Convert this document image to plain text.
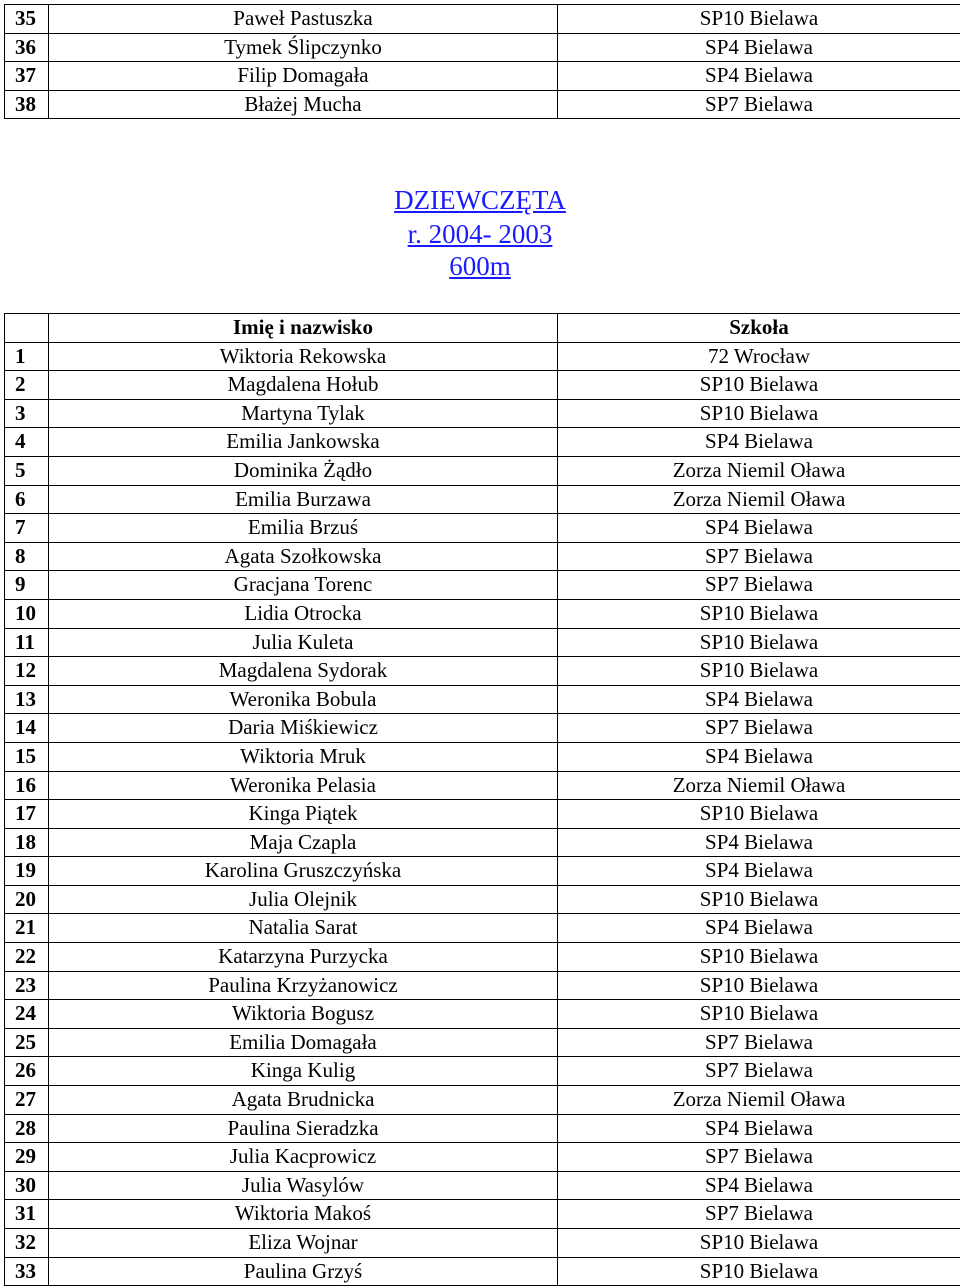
35	Paweł Pastuszka	SP10 Bielawa
36	Tymek Ślipczynko	SP4 Bielawa
37	Filip Domagała	SP4 Bielawa
38	Błażej Mucha	SP7 Bielawa
DZIEWCZĘTA
r. 2004- 2003
600m
	Imię i nazwisko	Szkoła
1	Wiktoria Rekowska	72 Wrocław
2	Magdalena Hołub	SP10 Bielawa
3	Martyna Tylak	SP10 Bielawa
4	Emilia Jankowska	SP4 Bielawa
5	Dominika Żądło	Zorza Niemil Oława
6	Emilia Burzawa	Zorza Niemil Oława
7	Emilia Brzuś	SP4 Bielawa
8	Agata Szołkowska	SP7 Bielawa
9	Gracjana Torenc	SP7 Bielawa
10	Lidia Otrocka	SP10 Bielawa
11	Julia Kuleta	SP10 Bielawa
12	Magdalena Sydorak	SP10 Bielawa
13	Weronika Bobula	SP4 Bielawa
14	Daria Miśkiewicz	SP7 Bielawa
15	Wiktoria Mruk	SP4 Bielawa
16	Weronika Pelasia	Zorza Niemil Oława
17	Kinga Piątek	SP10 Bielawa
18	Maja Czapla	SP4 Bielawa
19	Karolina Gruszczyńska	SP4 Bielawa
20	Julia Olejnik	SP10 Bielawa
21	Natalia Sarat	SP4 Bielawa
22	Katarzyna Purzycka	SP10 Bielawa
23	Paulina Krzyżanowicz	SP10 Bielawa
24	Wiktoria Bogusz	SP10 Bielawa
25	Emilia Domagała	SP7 Bielawa
26	Kinga Kulig	SP7 Bielawa
27	Agata Brudnicka	Zorza Niemil Oława
28	Paulina Sieradzka	SP4 Bielawa
29	Julia Kacprowicz	SP7 Bielawa
30	Julia Wasylów	SP4 Bielawa
31	Wiktoria Makoś	SP7 Bielawa
32	Eliza Wojnar	SP10 Bielawa
33	Paulina Grzyś	SP10 Bielawa
